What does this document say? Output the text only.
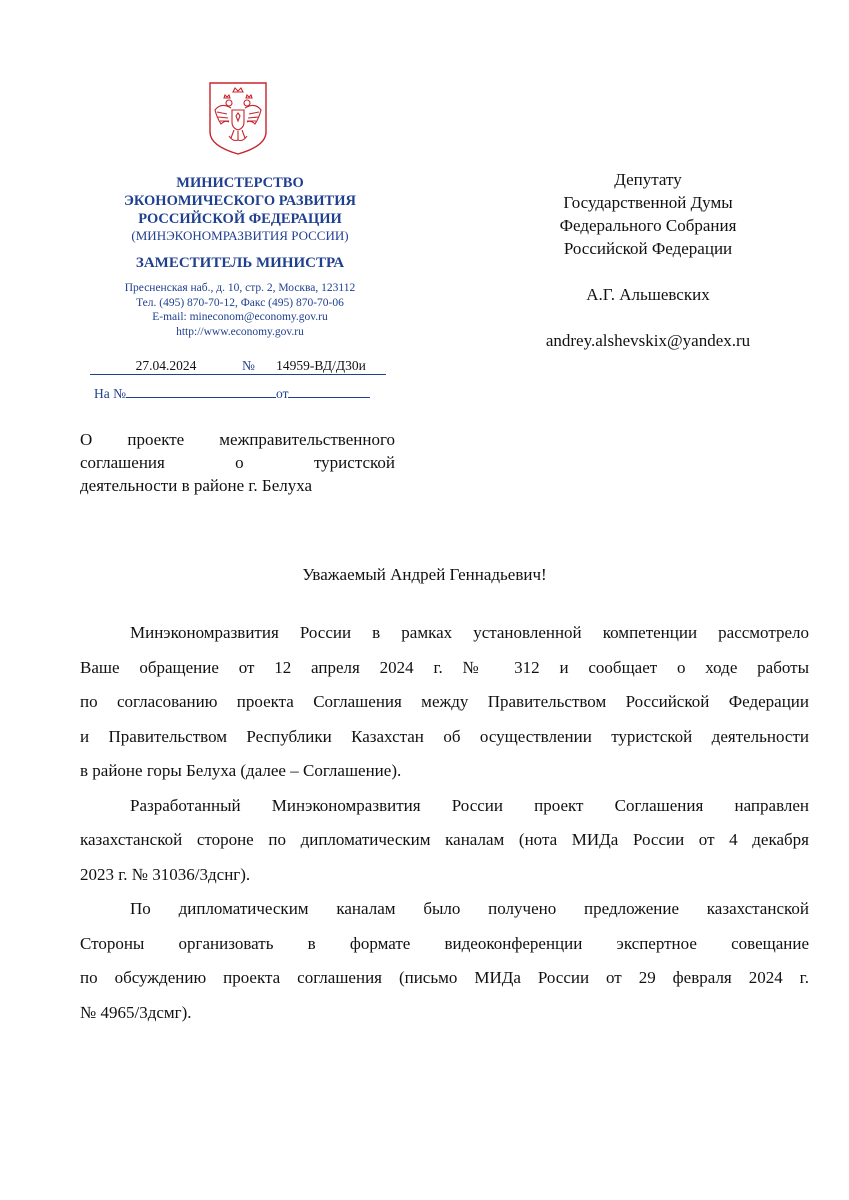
МИНИСТЕРСТВО
ЭКОНОМИЧЕСКОГО РАЗВИТИЯ
РОССИЙСКОЙ ФЕДЕРАЦИИ
(МИНЭКОНОМРАЗВИТИЯ РОССИИ)
ЗАМЕСТИТЕЛЬ МИНИСТРА
Пресненская наб., д. 10, стр. 2, Москва, 123112
Тел. (495) 870-70-12, Факс (495) 870-70-06
E-mail: mineconom@economy.gov.ru
http://www.economy.gov.ru
27.04.2024	№ 14959-ВД/Д30и
На №	от
Депутату
Государственной Думы
Федерального Собрания
Российской Федерации
А.Г. Альшевских
andrey.alshevskix@yandex.ru
О проекте межправительственного
соглашения о туристской
деятельности в районе г. Белуха
Уважаемый Андрей Геннадьевич!

Минэкономразвития России в рамках установленной компетенции рассмотрело
Ваше обращение от 12 апреля 2024 г. № 312 и сообщает о ходе работы
по согласованию проекта Соглашения между Правительством Российской Федерации
и Правительством Республики Казахстан об осуществлении туристской деятельности
в районе горы Белуха (далее – Соглашение).

Разработанный Минэкономразвития России проект Соглашения направлен
казахстанской стороне по дипломатическим каналам (нота МИДа России от 4 декабря
2023 г. № 31036/3дснг).

По дипломатическим каналам было получено предложение казахстанской
Стороны организовать в формате видеоконференции экспертное совещание
по обсуждению проекта соглашения (письмо МИДа России от 29 февраля 2024 г.
№ 4965/3дсмг).
